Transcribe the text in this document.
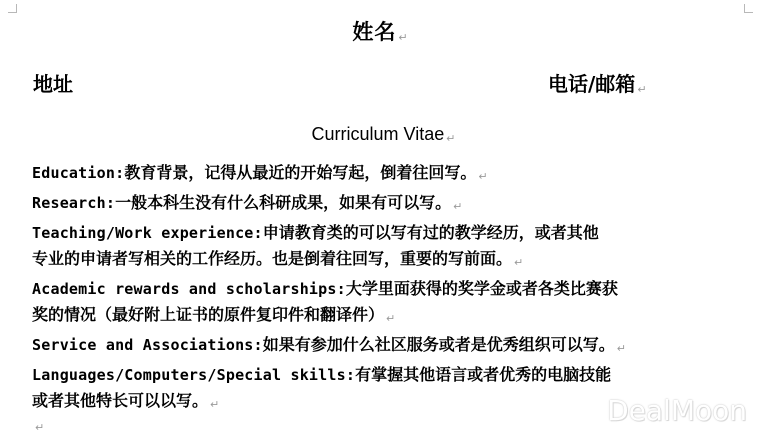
姓名 ↵
地址	电话/邮箱 ↵
Curriculum Vitae ↵
Education:教育背景，记得从最近的开始写起，倒着往回写。 ↵
Research:一般本科生没有什么科研成果，如果有可以写。 ↵
Teaching/Work experience:申请教育类的可以写有过的教学经历，或者其他
专业的申请者写相关的工作经历。也是倒着往回写，重要的写前面。 ↵
Academic rewards and scholarships:大学里面获得的奖学金或者各类比赛获
奖的情况（最好附上证书的原件复印件和翻译件） ↵
Service and Associations:如果有参加什么社区服务或者是优秀组织可以写。 ↵
Languages/Computers/Special skills:有掌握其他语言或者优秀的电脑技能
或者其他特长可以以写。 ↵
↵
DealMoon
